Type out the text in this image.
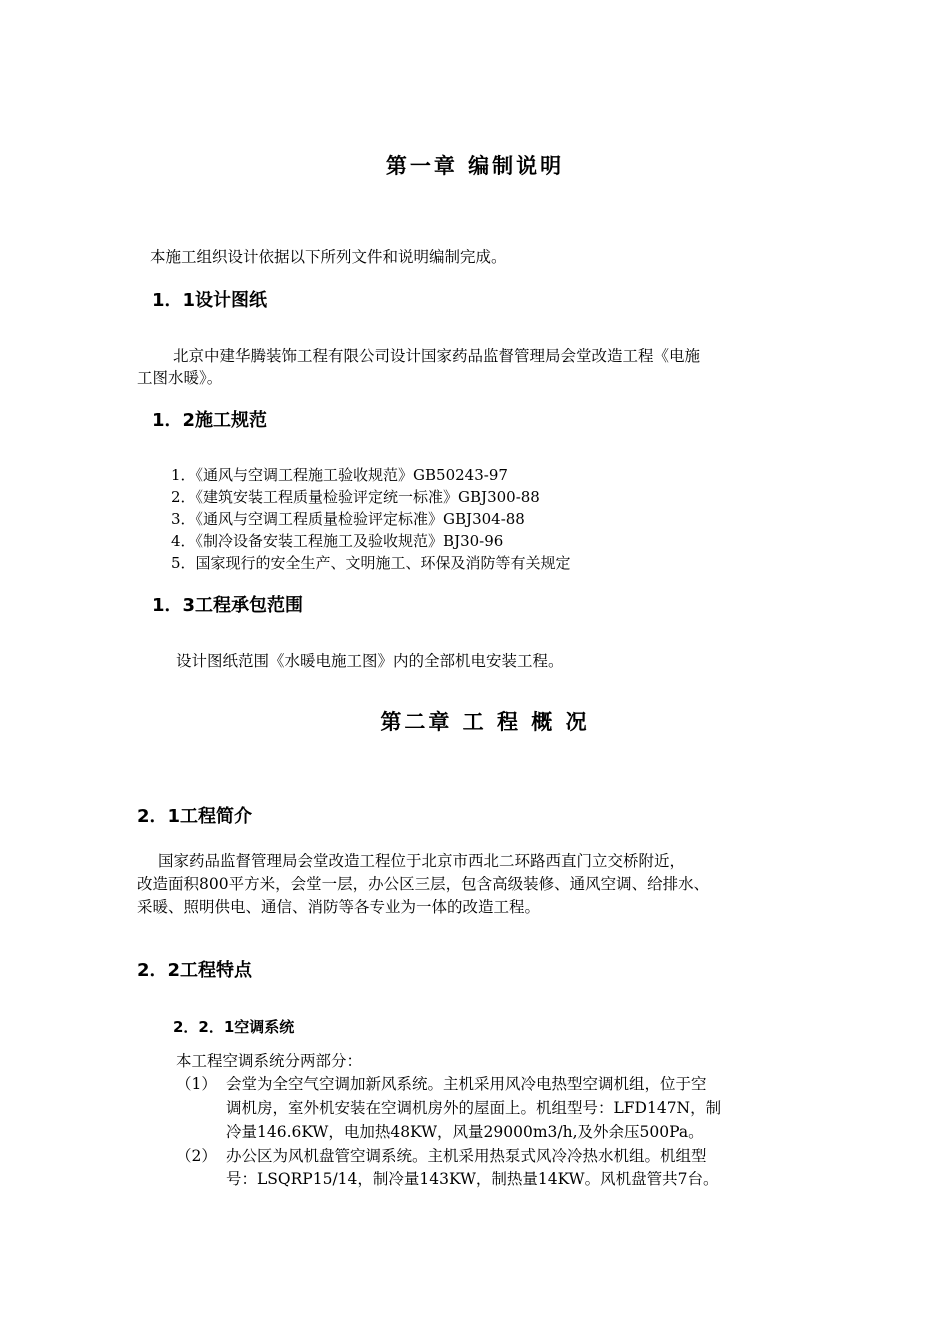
第一章 编制说明
本施工组织设计依据以下所列文件和说明编制完成。
1．1设计图纸
北京中建华腾装饰工程有限公司设计国家药品监督管理局会堂改造工程《电施
工图水暖》。
1．2施工规范
1．《通风与空调工程施工验收规范》GB50243-97
2．《建筑安装工程质量检验评定统一标准》GBJ300-88
3．《通风与空调工程质量检验评定标准》GBJ304-88
4．《制冷设备安装工程施工及验收规范》BJ30-96
5．国家现行的安全生产、文明施工、环保及消防等有关规定
1．3工程承包范围
设计图纸范围《水暖电施工图》内的全部机电安装工程。
第二章 工 程 概 况
2．1工程简介
国家药品监督管理局会堂改造工程位于北京市西北二环路西直门立交桥附近，
改造面积800平方米，会堂一层，办公区三层，包含高级装修、通风空调、给排水、
采暖、照明供电、通信、消防等各专业为一体的改造工程。
2．2工程特点
2．2．1空调系统
本工程空调系统分两部分：
（1） 会堂为全空气空调加新风系统。主机采用风冷电热型空调机组，位于空
调机房，室外机安装在空调机房外的屋面上。机组型号：LFD147N，制
冷量146.6KW，电加热48KW，风量29000m3/h,及外余压500Pa。
（2） 办公区为风机盘管空调系统。主机采用热泵式风冷冷热水机组。机组型
号：LSQRP15/14，制冷量143KW，制热量14KW。风机盘管共7台。
